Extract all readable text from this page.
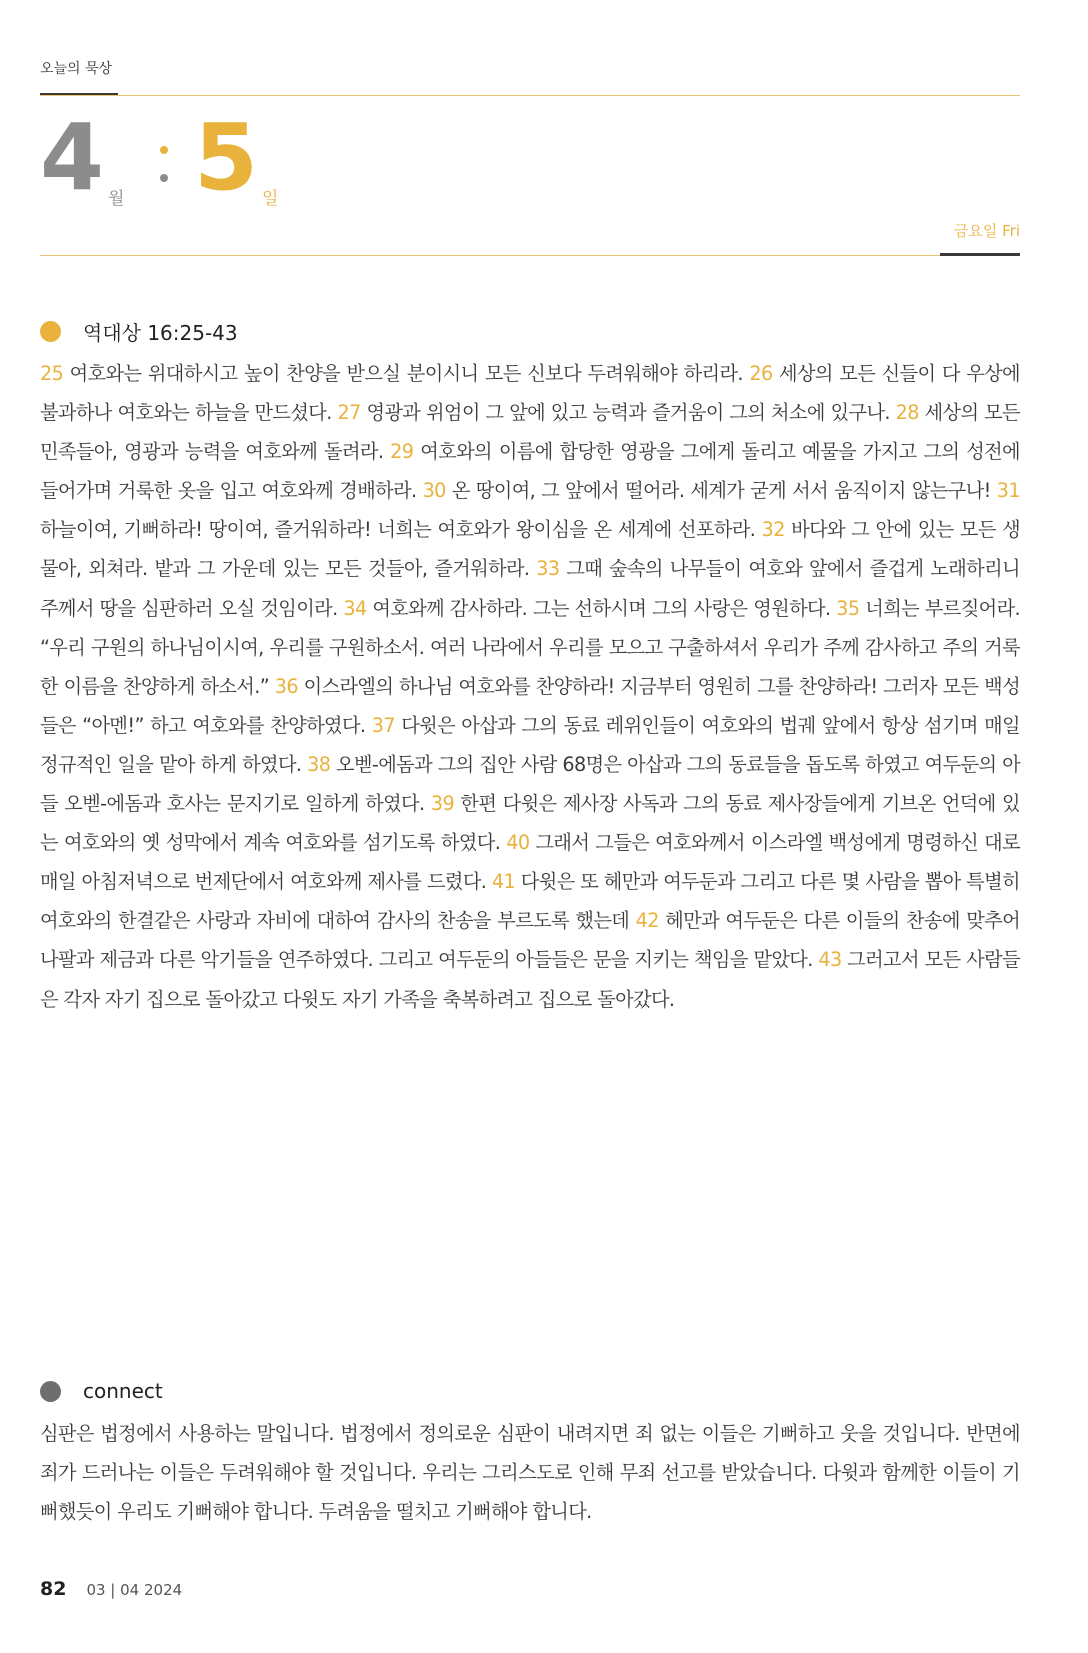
오늘의 묵상
4 월 5 일
금요일 Fri
역대상 16:25-43
25 여호와는 위대하시고 높이 찬양을 받으실 분이시니 모든 신보다 두려워해야 하리라. 26 세상의 모든 신들이 다 우상에 불과하나 여호와는 하늘을 만드셨다. 27 영광과 위엄이 그 앞에 있고 능력과 즐거움이 그의 처소에 있구나. 28 세상의 모든 민족들아, 영광과 능력을 여호와께 돌려라. 29 여호와의 이름에 합당한 영광을 그에게 돌리고 예물을 가지고 그의 성전에 들어가며 거룩한 옷을 입고 여호와께 경배하라. 30 온 땅이여, 그 앞에서 떨어라. 세계가 굳게 서서 움직이지 않는구나! 31 하늘이여, 기뻐하라! 땅이여, 즐거워하라! 너희는 여호와가 왕이심을 온 세계에 선포하라. 32 바다와 그 안에 있는 모든 생물아, 외쳐라. 밭과 그 가운데 있는 모든 것들아, 즐거워하라. 33 그때 숲속의 나무들이 여호와 앞에서 즐겁게 노래하리니 주께서 땅을 심판하러 오실 것임이라. 34 여호와께 감사하라. 그는 선하시며 그의 사랑은 영원하다. 35 너희는 부르짖어라. “우리 구원의 하나님이시여, 우리를 구원하소서. 여러 나라에서 우리를 모으고 구출하셔서 우리가 주께 감사하고 주의 거룩한 이름을 찬양하게 하소서.” 36 이스라엘의 하나님 여호와를 찬양하라! 지금부터 영원히 그를 찬양하라! 그러자 모든 백성들은 “아멘!” 하고 여호와를 찬양하였다. 37 다윗은 아삽과 그의 동료 레위인들이 여호와의 법궤 앞에서 항상 섬기며 매일 정규적인 일을 맡아 하게 하였다. 38 오벧-에돔과 그의 집안 사람 68명은 아삽과 그의 동료들을 돕도록 하였고 여두둔의 아들 오벧-에돔과 호사는 문지기로 일하게 하였다. 39 한편 다윗은 제사장 사독과 그의 동료 제사장들에게 기브온 언덕에 있는 여호와의 옛 성막에서 계속 여호와를 섬기도록 하였다. 40 그래서 그들은 여호와께서 이스라엘 백성에게 명령하신 대로 매일 아침저녁으로 번제단에서 여호와께 제사를 드렸다. 41 다윗은 또 헤만과 여두둔과 그리고 다른 몇 사람을 뽑아 특별히 여호와의 한결같은 사랑과 자비에 대하여 감사의 찬송을 부르도록 했는데 42 헤만과 여두둔은 다른 이들의 찬송에 맞추어 나팔과 제금과 다른 악기들을 연주하였다. 그리고 여두둔의 아들들은 문을 지키는 책임을 맡았다. 43 그러고서 모든 사람들은 각자 자기 집으로 돌아갔고 다윗도 자기 가족을 축복하려고 집으로 돌아갔다.
connect
심판은 법정에서 사용하는 말입니다. 법정에서 정의로운 심판이 내려지면 죄 없는 이들은 기뻐하고 웃을 것입니다. 반면에 죄가 드러나는 이들은 두려워해야 할 것입니다. 우리는 그리스도로 인해 무죄 선고를 받았습니다. 다윗과 함께한 이들이 기뻐했듯이 우리도 기뻐해야 합니다. 두려움을 떨치고 기뻐해야 합니다.
82 03 | 04 2024
